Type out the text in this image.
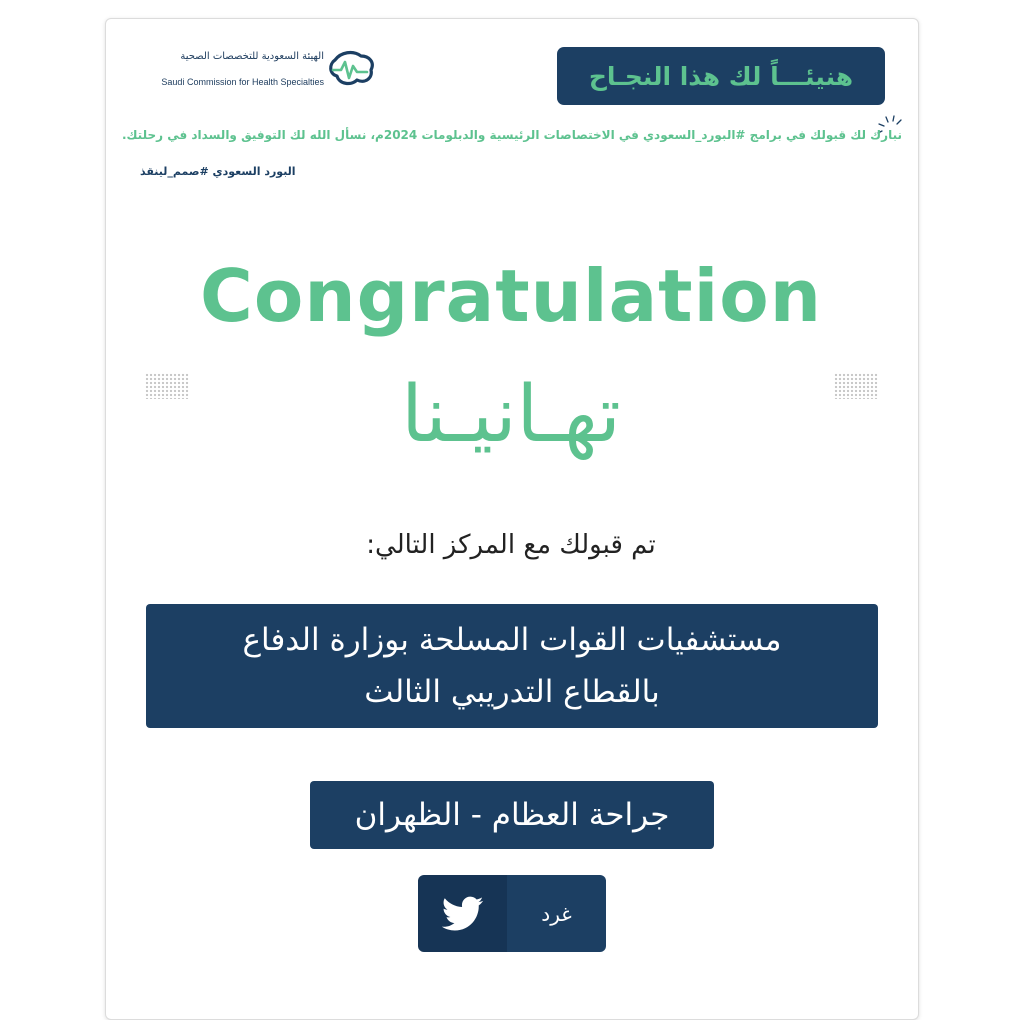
الهيئة السعودية للتخصصات الصحية
Saudi Commission for Health Specialties	هنيئـــاً لك هذا النجـاح
نبارك لك قبولك في برامج #البورد_السعودي في الاختصاصات الرئيسية والدبلومات 2024م، نسأل الله لك التوفيق والسداد في رحلتك.
البورد السعودي #صمم_لينقذ
Congratulation
تهـانيـنا
تم قبولك مع المركز التالي:
مستشفيات القوات المسلحة بوزارة الدفاع
بالقطاع التدريبي الثالث
جراحة العظام - الظهران
غرد
